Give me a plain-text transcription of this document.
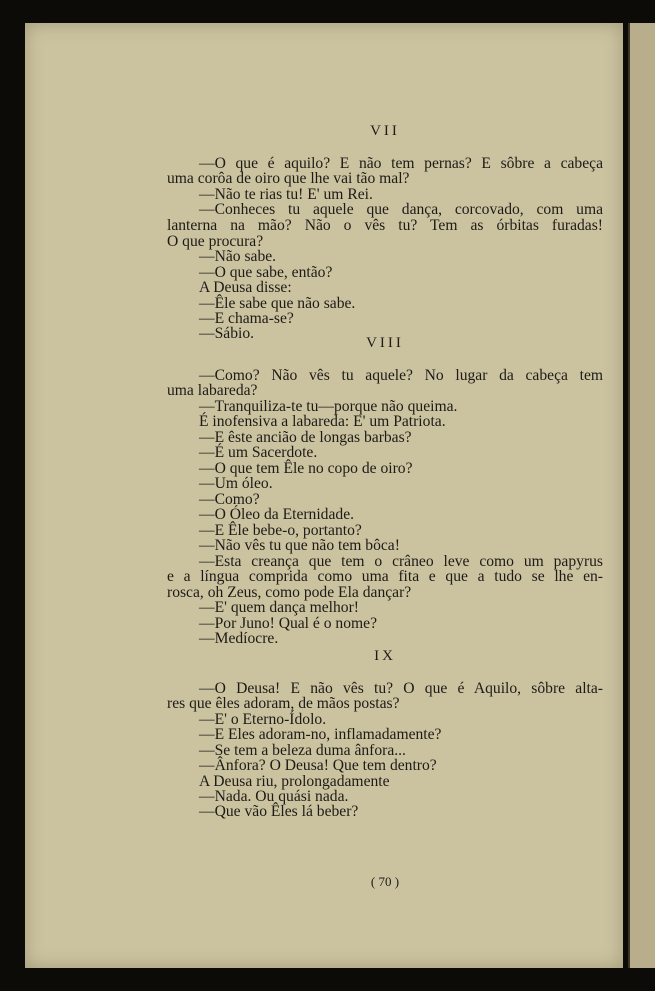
VII
—O que é aquilo? E não tem pernas? E sôbre a cabeça
uma corôa de oiro que lhe vai tão mal?
—Não te rias tu! E' um Rei.
—Conheces tu aquele que dança, corcovado, com uma
lanterna na mão? Não o vês tu? Tem as órbitas furadas!
O que procura?
—Não sabe.
—O que sabe, então?
A Deusa disse:
—Êle sabe que não sabe.
—E chama-se?
—Sábio.
VIII
—Como? Não vês tu aquele? No lugar da cabeça tem
uma labareda?
—Tranquiliza-te tu—porque não queima.
É inofensiva a labareda: E' um Patriota.
—E êste ancião de longas barbas?
—É um Sacerdote.
—O que tem Êle no copo de oiro?
—Um óleo.
—Como?
—O Óleo da Eternidade.
—E Êle bebe-o, portanto?
—Não vês tu que não tem bôca!
—Esta creança que tem o crâneo leve como um papyrus
e a língua comprida como uma fita e que a tudo se lhe en-
rosca, oh Zeus, como pode Ela dançar?
—E' quem dança melhor!
—Por Juno! Qual é o nome?
—Medíocre.
IX
—O Deusa! E não vês tu? O que é Aquilo, sôbre alta-
res que êles adoram, de mãos postas?
—E' o Eterno-Ídolo.
—E Eles adoram-no, inflamadamente?
—Se tem a beleza duma ânfora...
—Ânfora? O Deusa! Que tem dentro?
A Deusa riu, prolongadamente
—Nada. Ou quási nada.
—Que vão Êles lá beber?
( 70 )
